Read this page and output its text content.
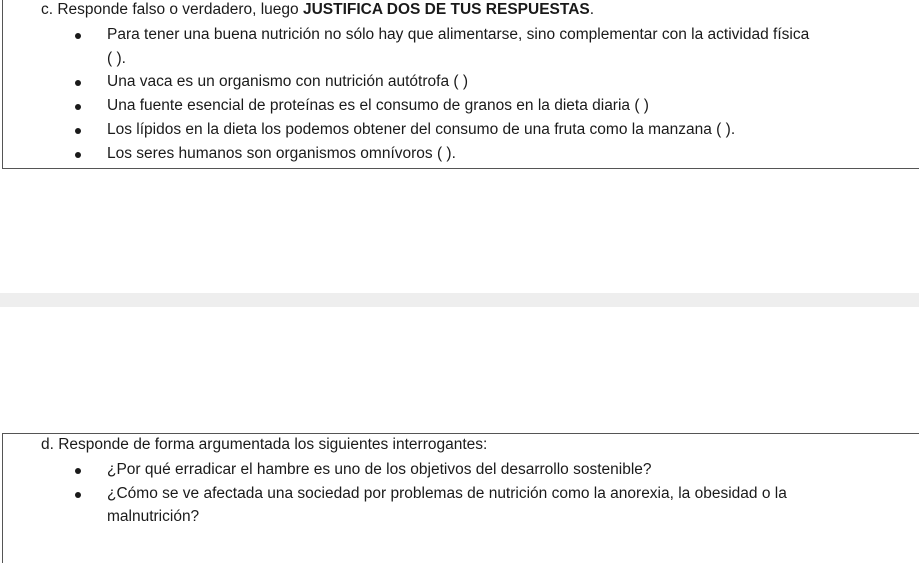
c. Responde falso o verdadero, luego JUSTIFICA DOS DE TUS RESPUESTAS.

Para tener una buena nutrición no sólo hay que alimentarse, sino complementar con la actividad física
( ).
Una vaca es un organismo con nutrición autótrofa ( )
Una fuente esencial de proteínas es el consumo de granos en la dieta diaria ( )
Los lípidos en la dieta los podemos obtener del consumo de una fruta como la manzana ( ).
Los seres humanos son organismos omnívoros ( ).

d. Responde de forma argumentada los siguientes interrogantes:

¿Por qué erradicar el hambre es uno de los objetivos del desarrollo sostenible?
¿Cómo se ve afectada una sociedad por problemas de nutrición como la anorexia, la obesidad o la
malnutrición?
